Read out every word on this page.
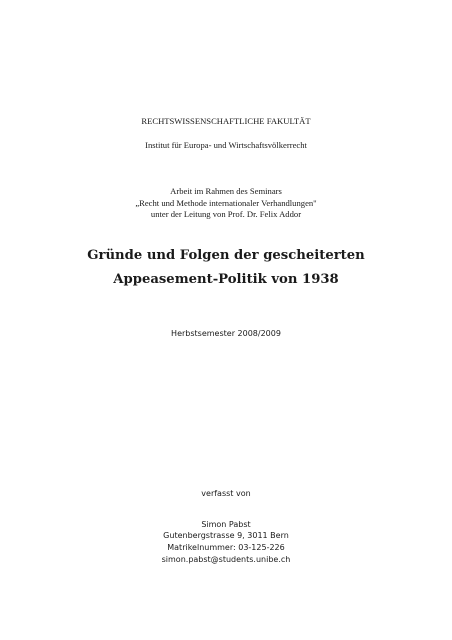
RECHTSWISSENSCHAFTLICHE FAKULTÄT
Institut für Europa- und Wirtschaftsvölkerrecht
Arbeit im Rahmen des Seminars
„Recht und Methode internationaler Verhandlungen"
unter der Leitung von Prof. Dr. Felix Addor
Gründe und Folgen der gescheiterten
Appeasement-Politik von 1938
Herbstsemester 2008/2009
verfasst von
Simon Pabst
Gutenbergstrasse 9, 3011 Bern
Matrikelnummer: 03-125-226
simon.pabst@students.unibe.ch
